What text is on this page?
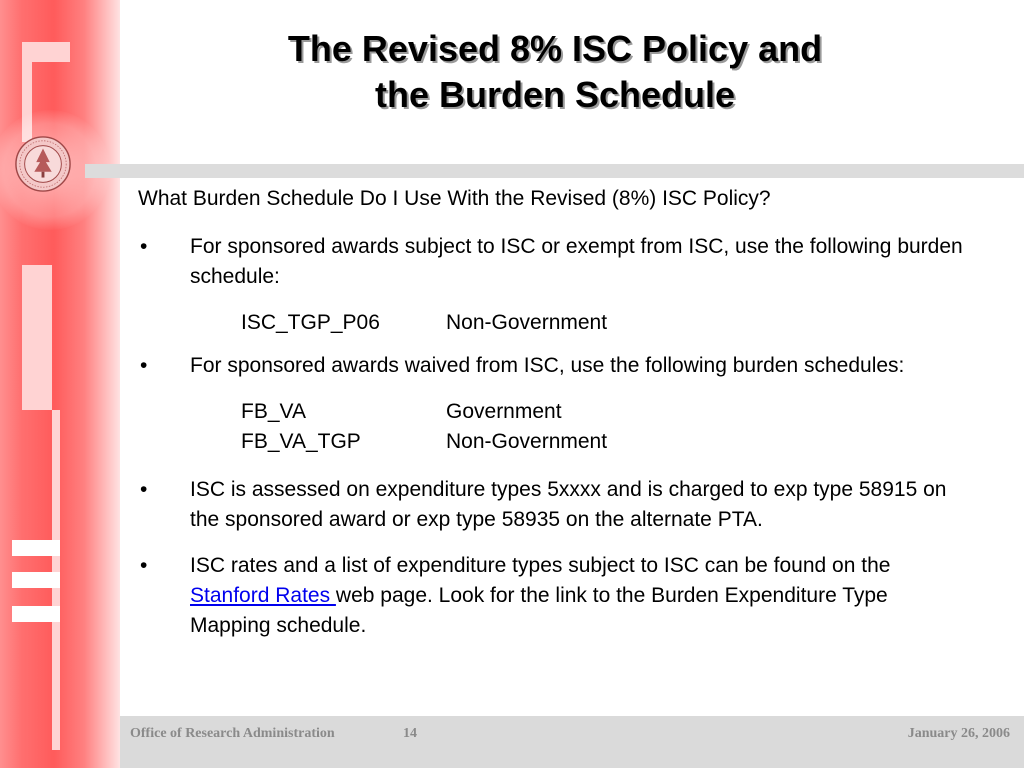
The Revised 8% ISC Policy and
the Burden Schedule

What Burden Schedule Do I Use With the Revised (8%) ISC Policy?

• For sponsored awards subject to ISC or exempt from ISC, use the following burden schedule:
ISC_TGP_P06	Non-Government
• For sponsored awards waived from ISC, use the following burden schedules:
FB_VA	Government
FB_VA_TGP	Non-Government
• ISC is assessed on expenditure types 5xxxx and is charged to exp type 58915 on the sponsored award or exp type 58935 on the alternate PTA.
• ISC rates and a list of expenditure types subject to ISC can be found on the Stanford Rates web page. Look for the link to the Burden Expenditure Type Mapping schedule.
Office of Research Administration	14	January 26, 2006
